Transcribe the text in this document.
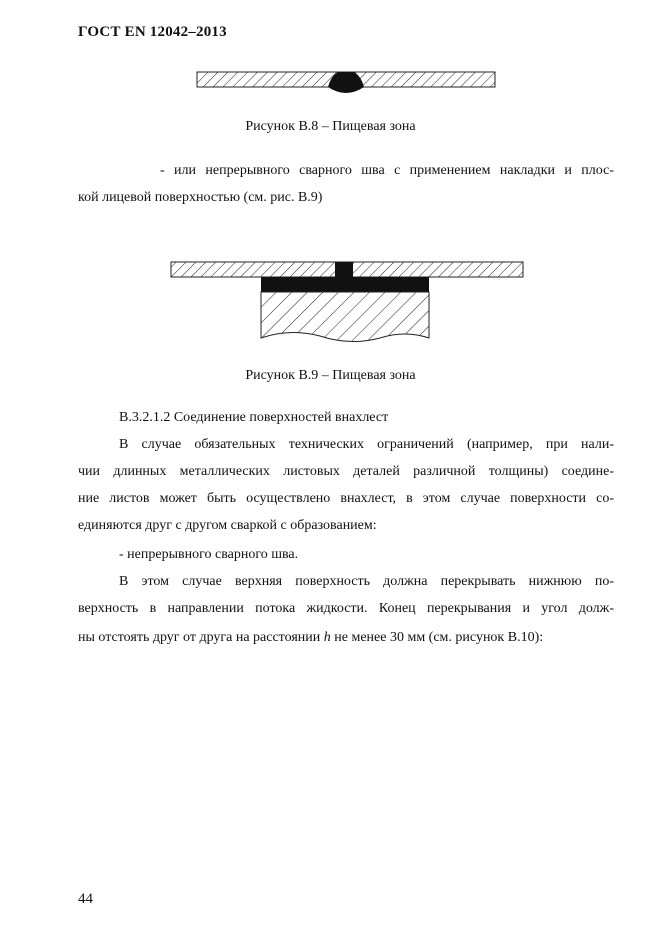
ГОСТ EN 12042–2013
Рисунок В.8 – Пищевая зона
- или непрерывного сварного шва с применением накладки и плос-
кой лицевой поверхностью (см. рис. В.9)
Рисунок В.9 – Пищевая зона
В.3.2.1.2 Соединение поверхностей внахлест
В случае обязательных технических ограничений (например, при нали-
чии длинных металлических листовых деталей различной толщины) соедине-
ние листов может быть осуществлено внахлест, в этом случае поверхности со-
единяются друг с другом сваркой с образованием:
- непрерывного сварного шва.
В этом случае верхняя поверхность должна перекрывать нижнюю по-
верхность в направлении потока жидкости. Конец перекрывания и угол долж-
ны отстоять друг от друга на расстоянии h не менее 30 мм (см. рисунок В.10):
44
